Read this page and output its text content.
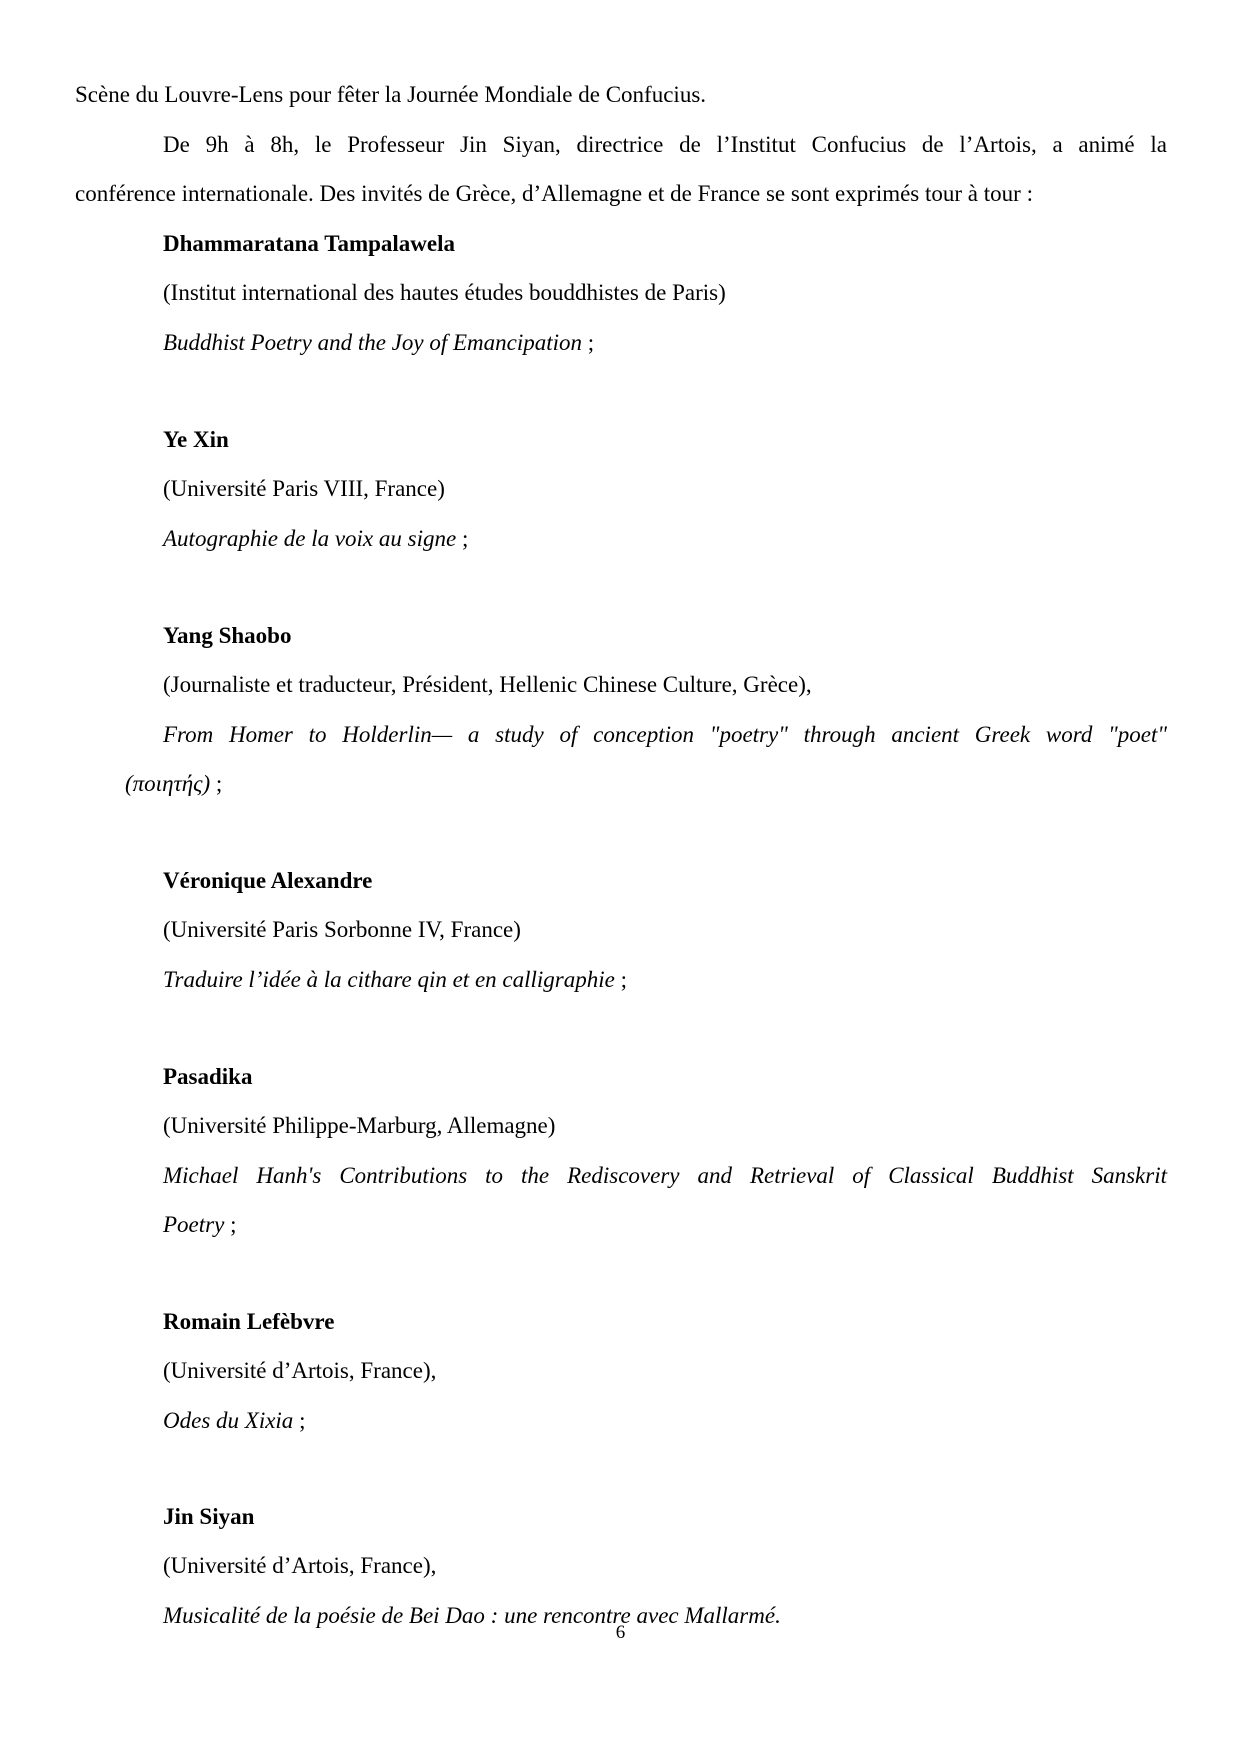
Scène du Louvre-Lens pour fêter la Journée Mondiale de Confucius.
De 9h à 8h, le Professeur Jin Siyan, directrice de l’Institut Confucius de l’Artois, a animé la
conférence internationale. Des invités de Grèce, d’Allemagne et de France se sont exprimés tour à tour :
Dhammaratana Tampalawela
(Institut international des hautes études bouddhistes de Paris)
Buddhist Poetry and the Joy of Emancipation ;
Ye Xin
(Université Paris VIII, France)
Autographie de la voix au signe ;
Yang Shaobo
(Journaliste et traducteur, Président, Hellenic Chinese Culture, Grèce),
From Homer to Holderlin— a study of conception "poetry" through ancient Greek word "poet"
(ποιητής) ;
Véronique Alexandre
(Université Paris Sorbonne IV, France)
Traduire l’idée à la cithare qin et en calligraphie ;
Pasadika
(Université Philippe-Marburg, Allemagne)
Michael Hanh's Contributions to the Rediscovery and Retrieval of Classical Buddhist Sanskrit
Poetry ;
Romain Lefèbvre
(Université d’Artois, France),
Odes du Xixia ;
Jin Siyan
(Université d’Artois, France),
Musicalité de la poésie de Bei Dao : une rencontre avec Mallarmé.
6
